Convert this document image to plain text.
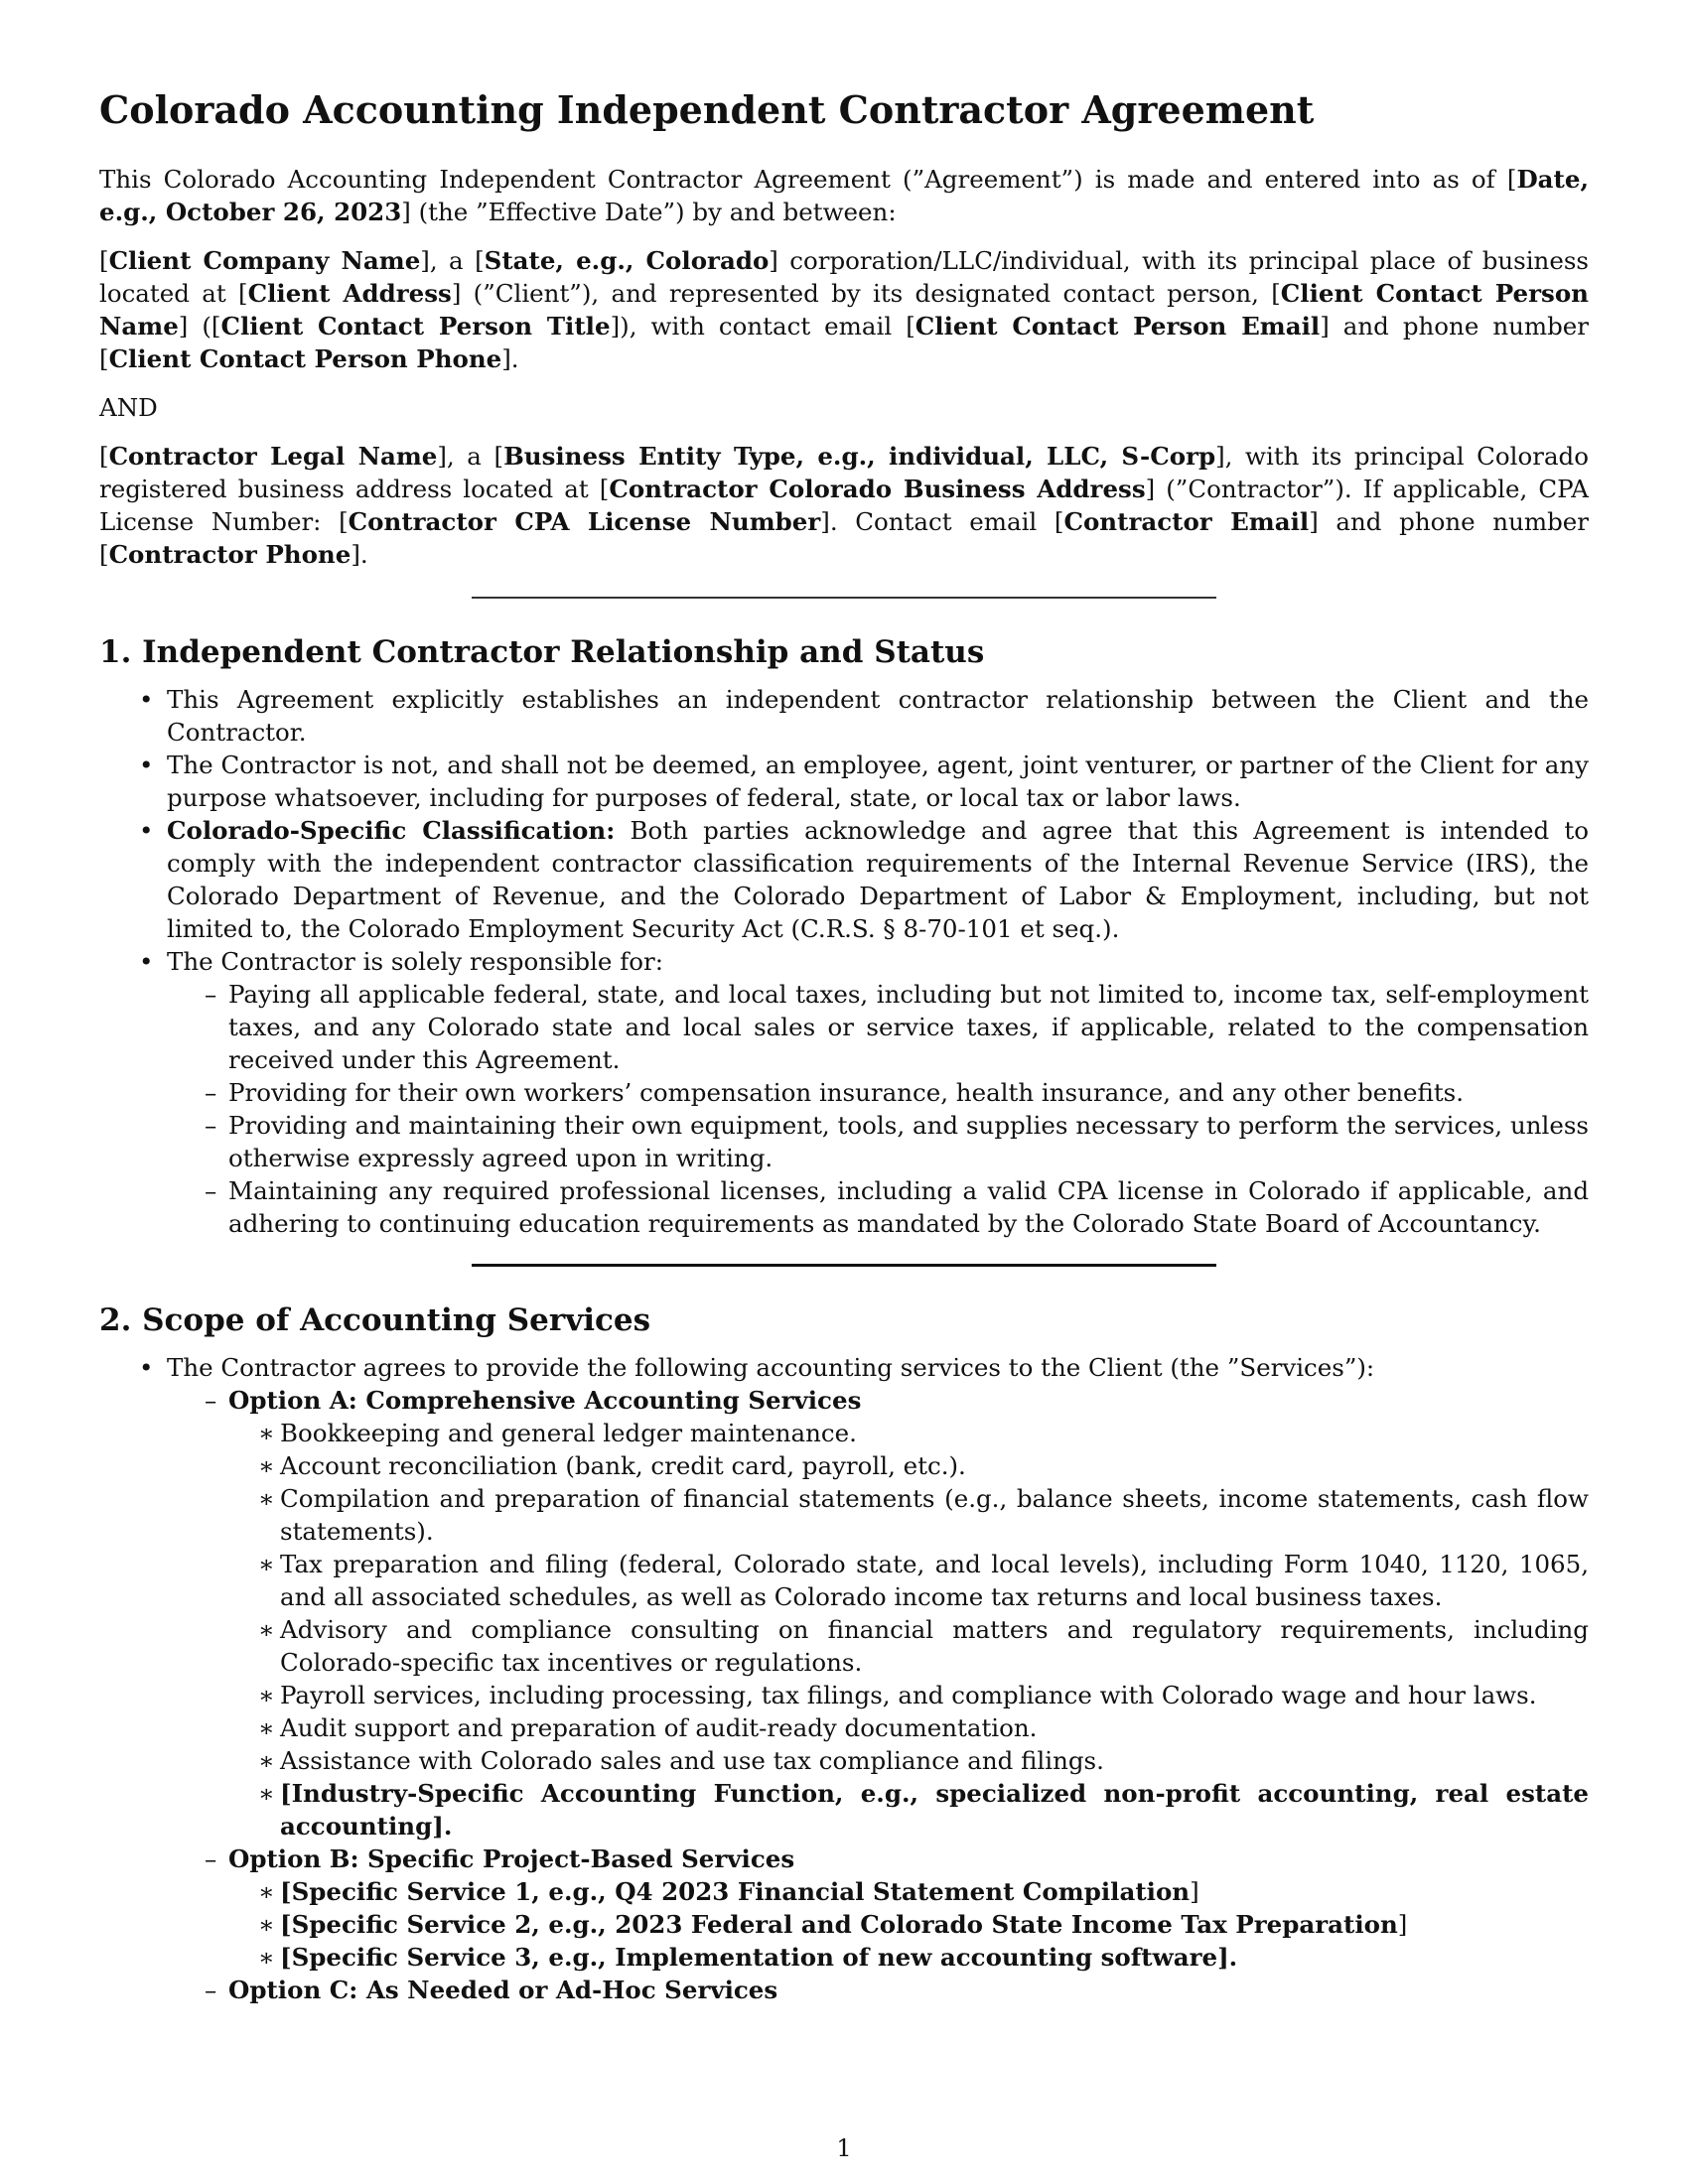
Colorado Accounting Independent Contractor Agreement

This Colorado Accounting Independent Contractor Agreement (”Agreement”) is made and entered into as of [Date, e.g., October 26, 2023] (the ”Effective Date”) by and between:

[Client Company Name], a [State, e.g., Colorado] corporation/LLC/individual, with its principal place of business located at [Client Address] (”Client”), and represented by its designated contact person, [Client Contact Person Name] ([Client Contact Person Title]), with contact email [Client Contact Person Email] and phone number [Client Contact Person Phone].

AND

[Contractor Legal Name], a [Business Entity Type, e.g., individual, LLC, S-Corp], with its principal Colorado registered business address located at [Contractor Colorado Business Address] (”Contractor”). If applicable, CPA License Number: [Contractor CPA License Number]. Contact email [Contractor Email] and phone number [Contractor Phone].

1. Independent Contractor Relationship and Status
• This Agreement explicitly establishes an independent contractor relationship between the Client and the Contractor.
• The Contractor is not, and shall not be deemed, an employee, agent, joint venturer, or partner of the Client for any purpose whatsoever, including for purposes of federal, state, or local tax or labor laws.
• Colorado-Specific Classification: Both parties acknowledge and agree that this Agreement is intended to comply with the independent contractor classification requirements of the Internal Revenue Service (IRS), the Colorado Department of Revenue, and the Colorado Department of Labor & Employment, including, but not limited to, the Colorado Employment Security Act (C.R.S. § 8-70-101 et seq.).
• The Contractor is solely responsible for:
– Paying all applicable federal, state, and local taxes, including but not limited to, income tax, self-employment taxes, and any Colorado state and local sales or service taxes, if applicable, related to the compensation received under this Agreement.
– Providing for their own workers’ compensation insurance, health insurance, and any other benefits.
– Providing and maintaining their own equipment, tools, and supplies necessary to perform the services, unless otherwise expressly agreed upon in writing.
– Maintaining any required professional licenses, including a valid CPA license in Colorado if applicable, and adhering to continuing education requirements as mandated by the Colorado State Board of Accountancy.
2. Scope of Accounting Services
• The Contractor agrees to provide the following accounting services to the Client (the ”Services”):
– Option A: Comprehensive Accounting Services
∗ Bookkeeping and general ledger maintenance.
∗ Account reconciliation (bank, credit card, payroll, etc.).
∗ Compilation and preparation of financial statements (e.g., balance sheets, income statements, cash flow statements).
∗ Tax preparation and filing (federal, Colorado state, and local levels), including Form 1040, 1120, 1065, and all associated schedules, as well as Colorado income tax returns and local business taxes.
∗ Advisory and compliance consulting on financial matters and regulatory requirements, including Colorado-specific tax incentives or regulations.
∗ Payroll services, including processing, tax filings, and compliance with Colorado wage and hour laws.
∗ Audit support and preparation of audit-ready documentation.
∗ Assistance with Colorado sales and use tax compliance and filings.
∗ [Industry-Specific Accounting Function, e.g., specialized non-profit accounting, real estate accounting].
– Option B: Specific Project-Based Services
∗ [Specific Service 1, e.g., Q4 2023 Financial Statement Compilation]
∗ [Specific Service 2, e.g., 2023 Federal and Colorado State Income Tax Preparation]
∗ [Specific Service 3, e.g., Implementation of new accounting software].
– Option C: As Needed or Ad-Hoc Services
1
